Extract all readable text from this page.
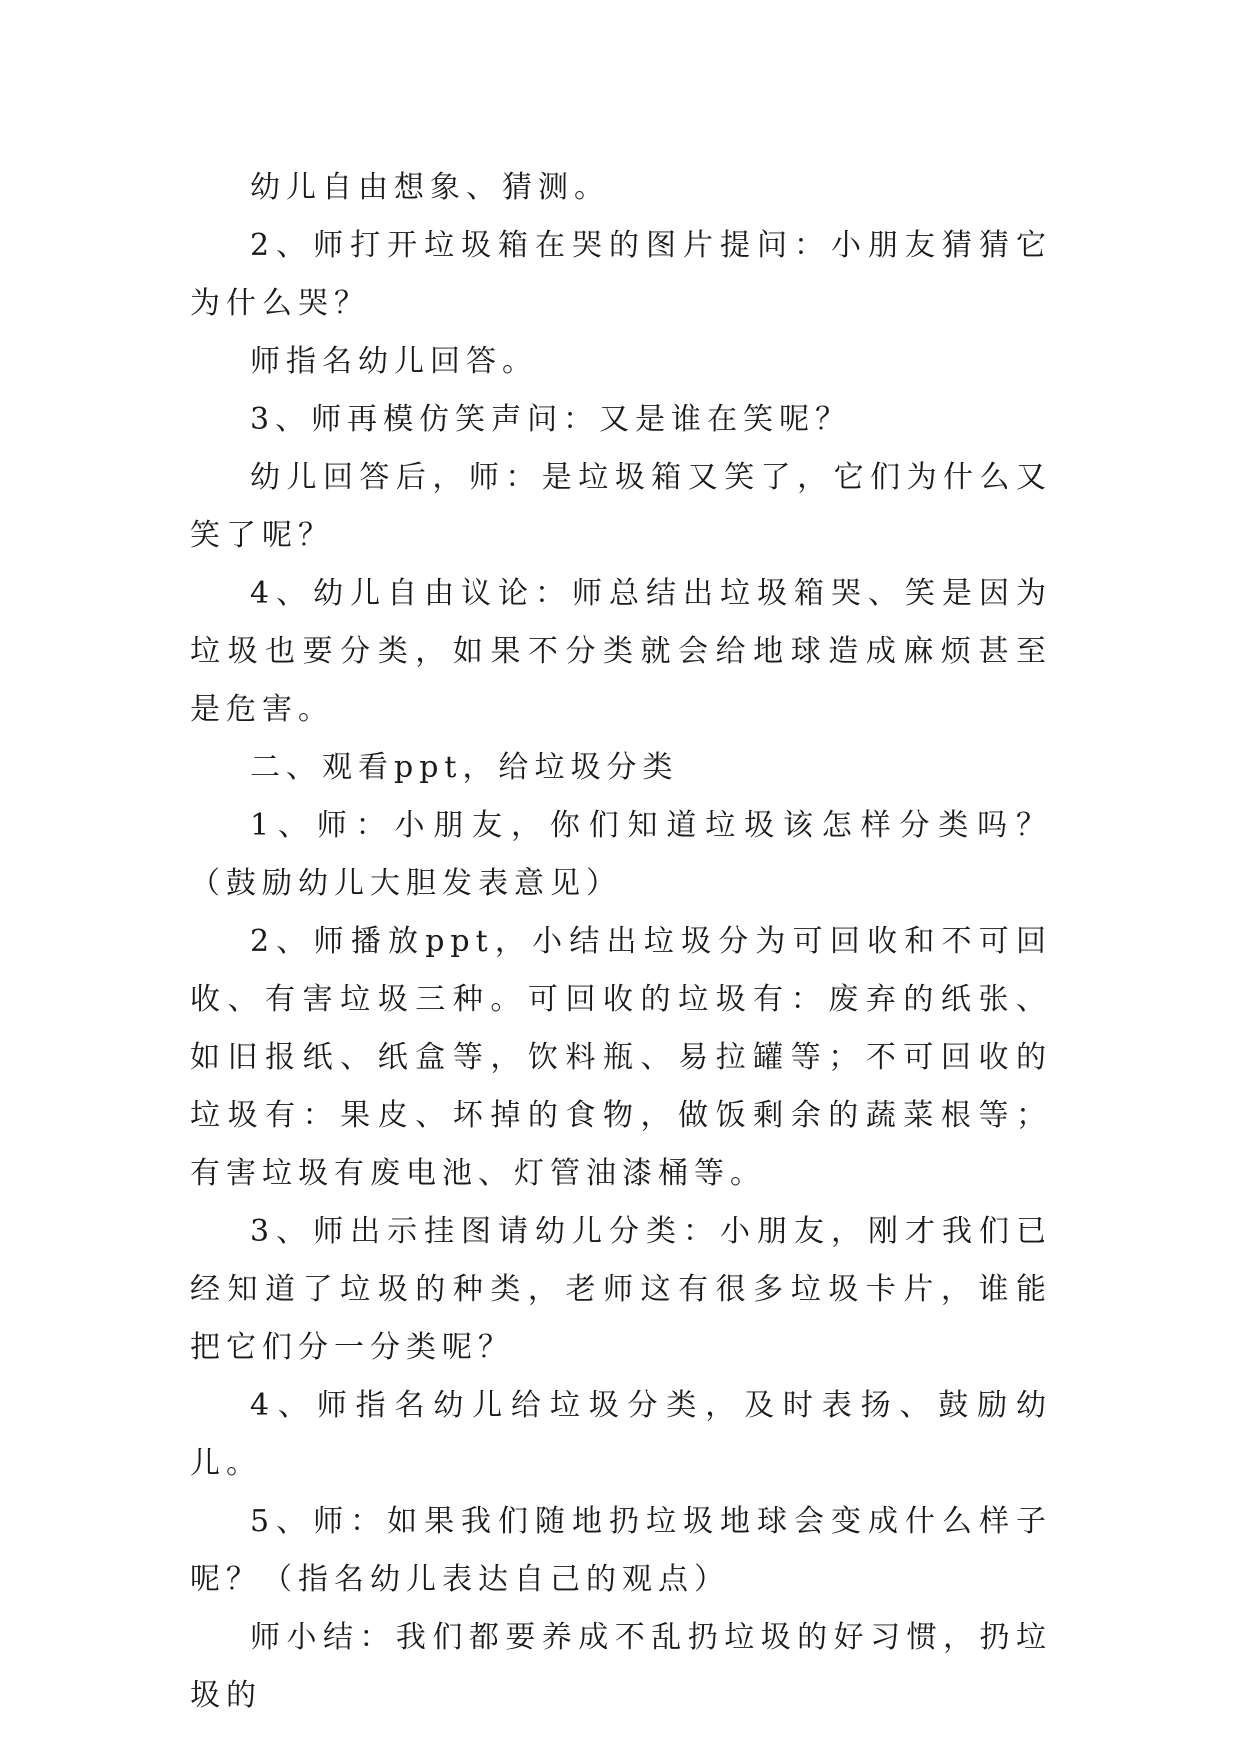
幼儿自由想象、猜测。

2、师打开垃圾箱在哭的图片提问：小朋友猜猜它为什么哭？

师指名幼儿回答。

3、师再模仿笑声问：又是谁在笑呢？

幼儿回答后，师：是垃圾箱又笑了，它们为什么又笑了呢？

4、幼儿自由议论：师总结出垃圾箱哭、笑是因为垃圾也要分类，如果不分类就会给地球造成麻烦甚至是危害。

二、观看ppt，给垃圾分类

1、师：小朋友，你们知道垃圾该怎样分类吗？（鼓励幼儿大胆发表意见）

2、师播放ppt，小结出垃圾分为可回收和不可回收、有害垃圾三种。可回收的垃圾有：废弃的纸张、如旧报纸、纸盒等，饮料瓶、易拉罐等；不可回收的垃圾有：果皮、坏掉的食物，做饭剩余的蔬菜根等；有害垃圾有废电池、灯管油漆桶等。

3、师出示挂图请幼儿分类：小朋友，刚才我们已经知道了垃圾的种类，老师这有很多垃圾卡片，谁能把它们分一分类呢？

4、师指名幼儿给垃圾分类，及时表扬、鼓励幼儿。

5、师：如果我们随地扔垃圾地球会变成什么样子呢？（指名幼儿表达自己的观点）

师小结：我们都要养成不乱扔垃圾的好习惯，扔垃圾的
